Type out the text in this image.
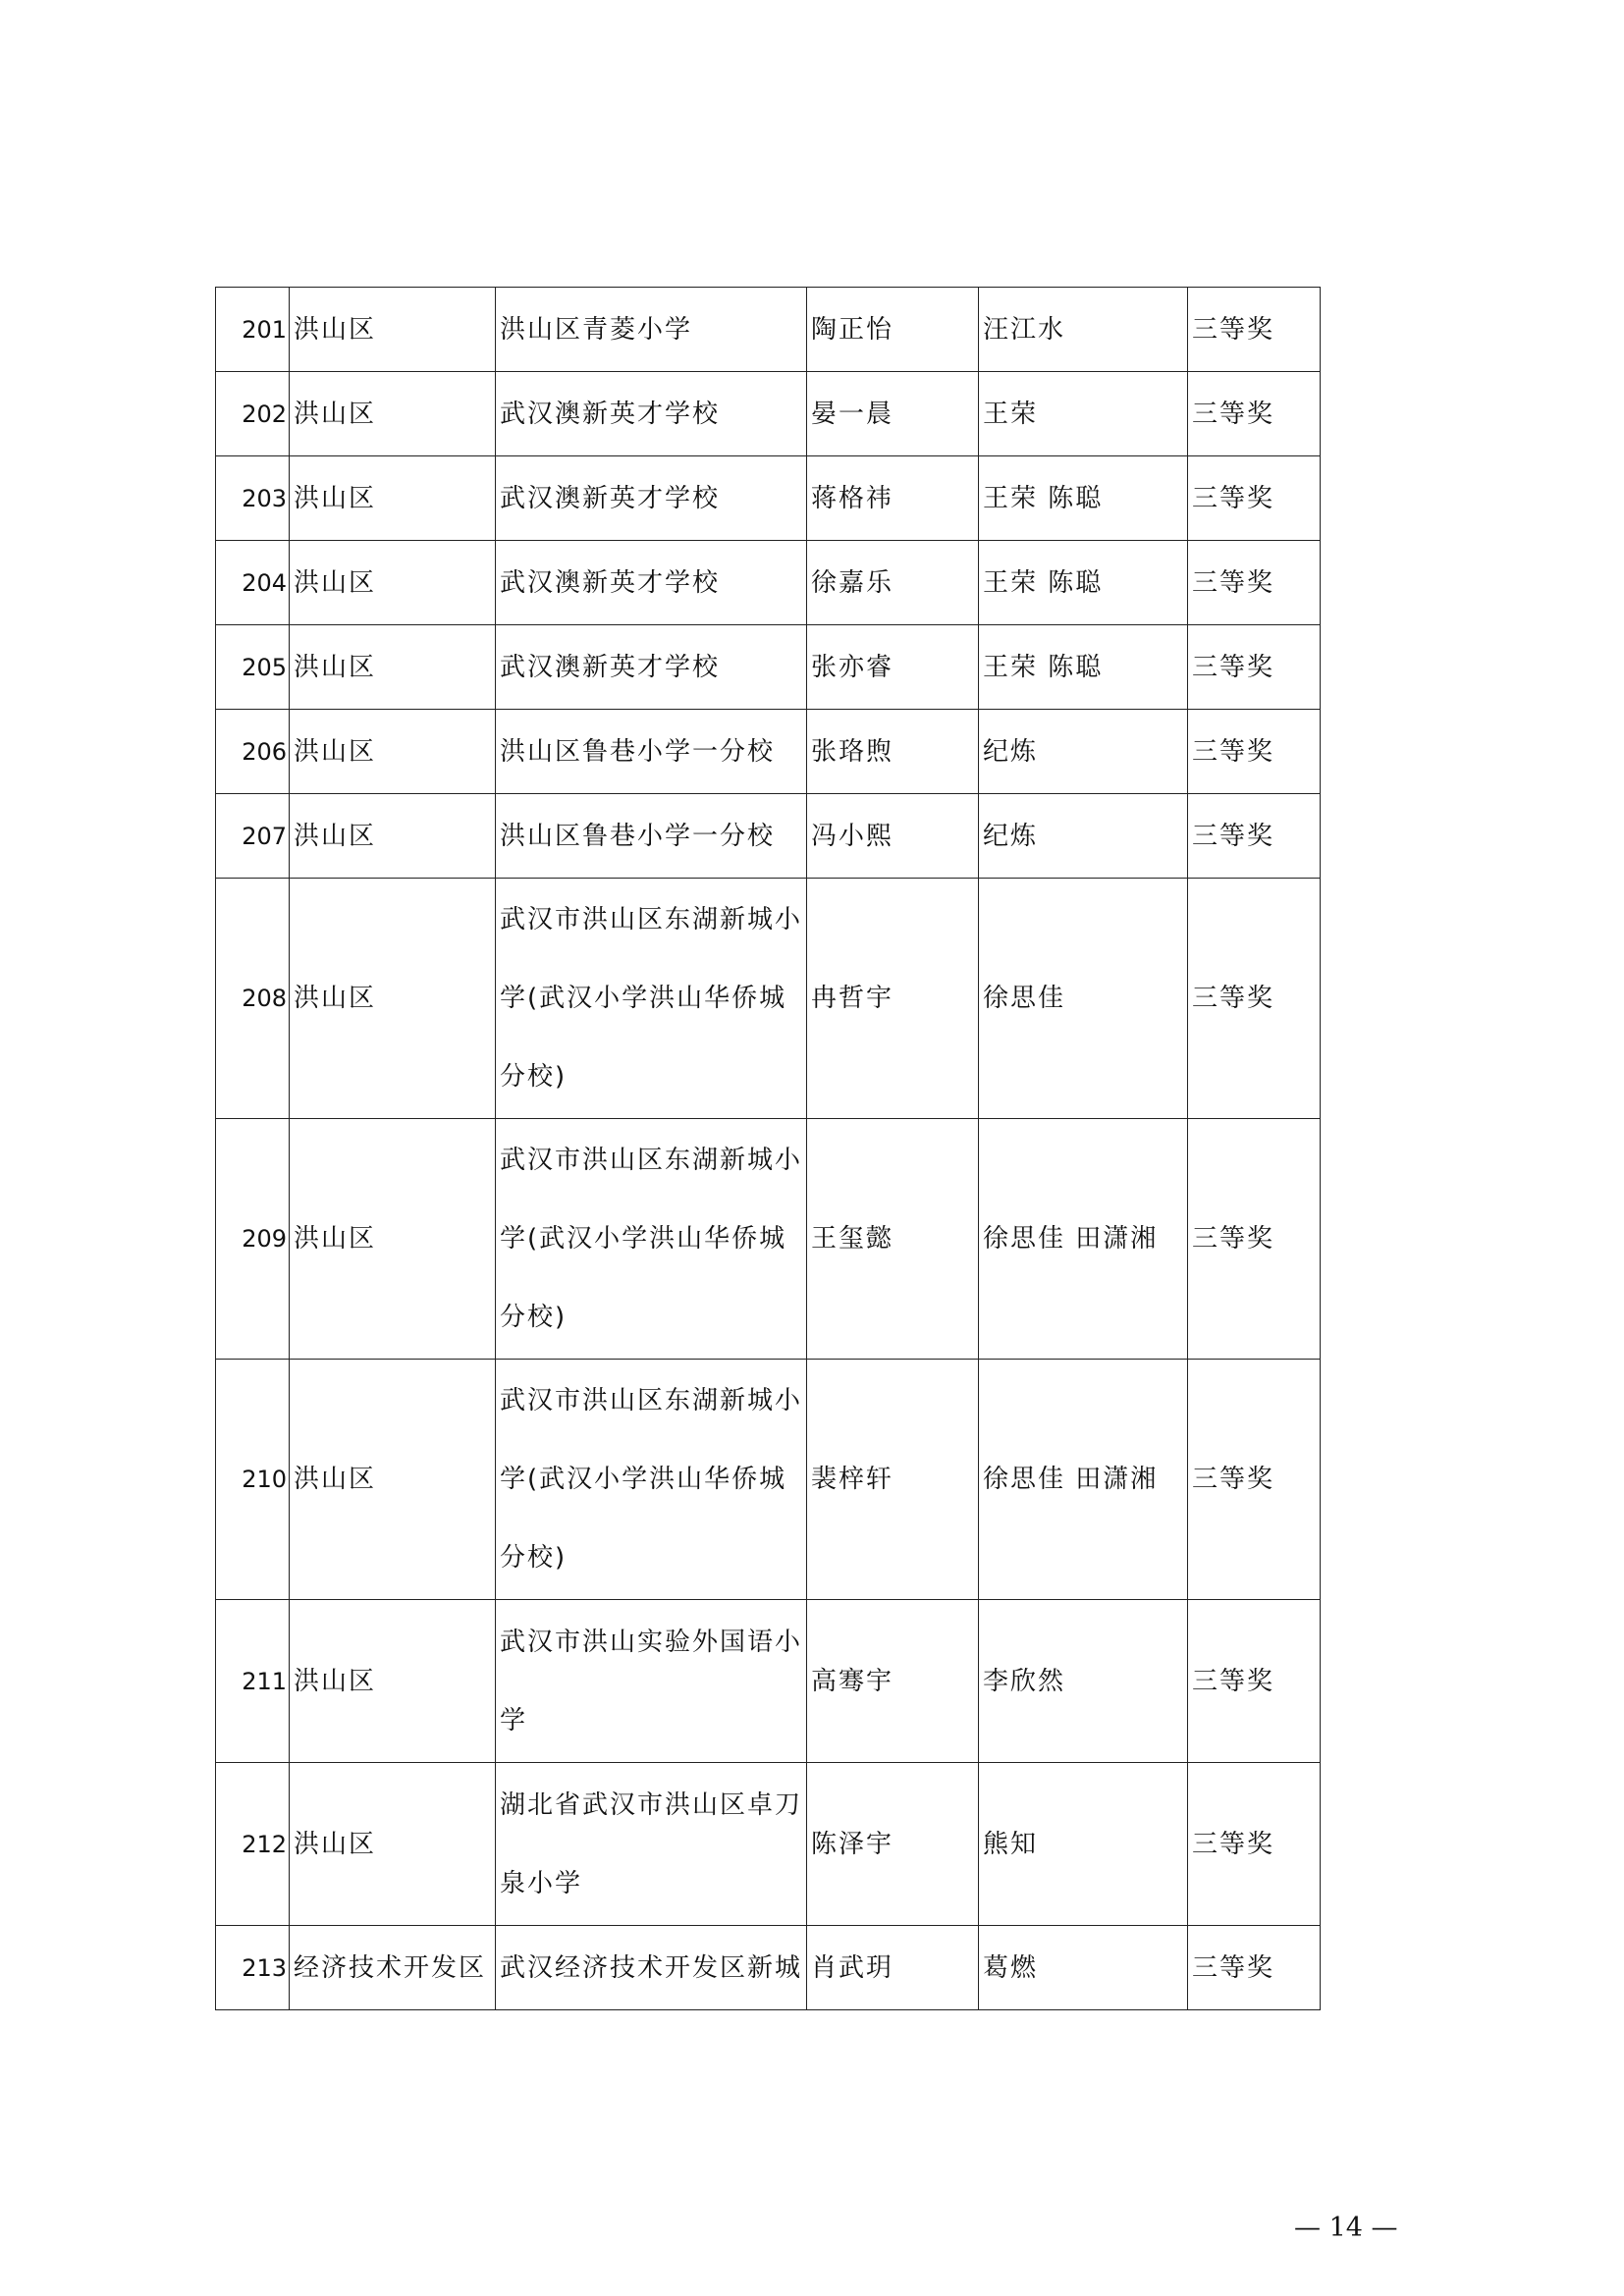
201	洪山区	洪山区青菱小学	陶正怡	汪江水	三等奖
202	洪山区	武汉澳新英才学校	晏一晨	王荣	三等奖
203	洪山区	武汉澳新英才学校	蒋格祎	王荣 陈聪	三等奖
204	洪山区	武汉澳新英才学校	徐嘉乐	王荣 陈聪	三等奖
205	洪山区	武汉澳新英才学校	张亦睿	王荣 陈聪	三等奖
206	洪山区	洪山区鲁巷小学一分校	张珞煦	纪炼	三等奖
207	洪山区	洪山区鲁巷小学一分校	冯小熙	纪炼	三等奖
208	洪山区	武汉市洪山区东湖新城小学(武汉小学洪山华侨城分校)	冉哲宇	徐思佳	三等奖
209	洪山区	武汉市洪山区东湖新城小学(武汉小学洪山华侨城分校)	王玺懿	徐思佳 田潇湘	三等奖
210	洪山区	武汉市洪山区东湖新城小学(武汉小学洪山华侨城分校)	裴梓轩	徐思佳 田潇湘	三等奖
211	洪山区	武汉市洪山实验外国语小学	高骞宇	李欣然	三等奖
212	洪山区	湖北省武汉市洪山区卓刀泉小学	陈泽宇	熊知	三等奖
213	经济技术开发区	武汉经济技术开发区新城	肖武玥	葛燃	三等奖
— 14 —
